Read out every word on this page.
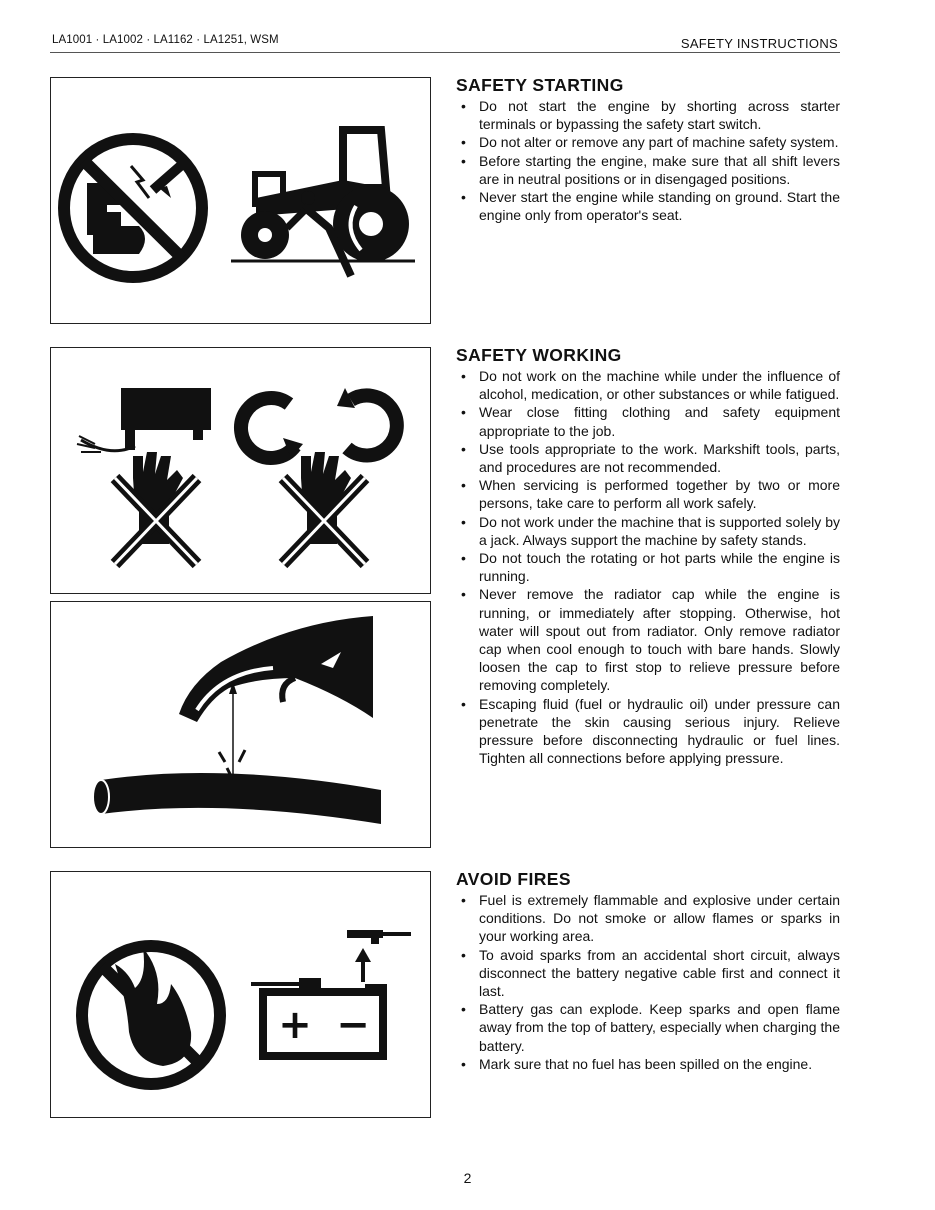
LA1001 · LA1002 · LA1162 · LA1251, WSM	SAFETY INSTRUCTIONS
+ −
SAFETY STARTING
• Do not start the engine by shorting across starter terminals or bypassing the safety start switch.
• Do not alter or remove any part of machine safety system.
• Before starting the engine, make sure that all shift levers are in neutral positions or in disengaged positions.
• Never start the engine while standing on ground. Start the engine only from operator's seat.
SAFETY WORKING
• Do not work on the machine while under the influence of alcohol, medication, or other substances or while fatigued.
• Wear close fitting clothing and safety equipment appropriate to the job.
• Use tools appropriate to the work. Markshift tools, parts, and procedures are not recommended.
• When servicing is performed together by two or more persons, take care to perform all work safely.
• Do not work under the machine that is supported solely by a jack. Always support the machine by safety stands.
• Do not touch the rotating or hot parts while the engine is running.
• Never remove the radiator cap while the engine is running, or immediately after stopping. Otherwise, hot water will spout out from radiator. Only remove radiator cap when cool enough to touch with bare hands. Slowly loosen the cap to first stop to relieve pressure before removing completely.
• Escaping fluid (fuel or hydraulic oil) under pressure can penetrate the skin causing serious injury. Relieve pressure before disconnecting hydraulic or fuel lines. Tighten all connections before applying pressure.
AVOID FIRES
• Fuel is extremely flammable and explosive under certain conditions. Do not smoke or allow flames or sparks in your working area.
• To avoid sparks from an accidental short circuit, always disconnect the battery negative cable first and connect it last.
• Battery gas can explode. Keep sparks and open flame away from the top of battery, especially when charging the battery.
• Mark sure that no fuel has been spilled on the engine.
2
